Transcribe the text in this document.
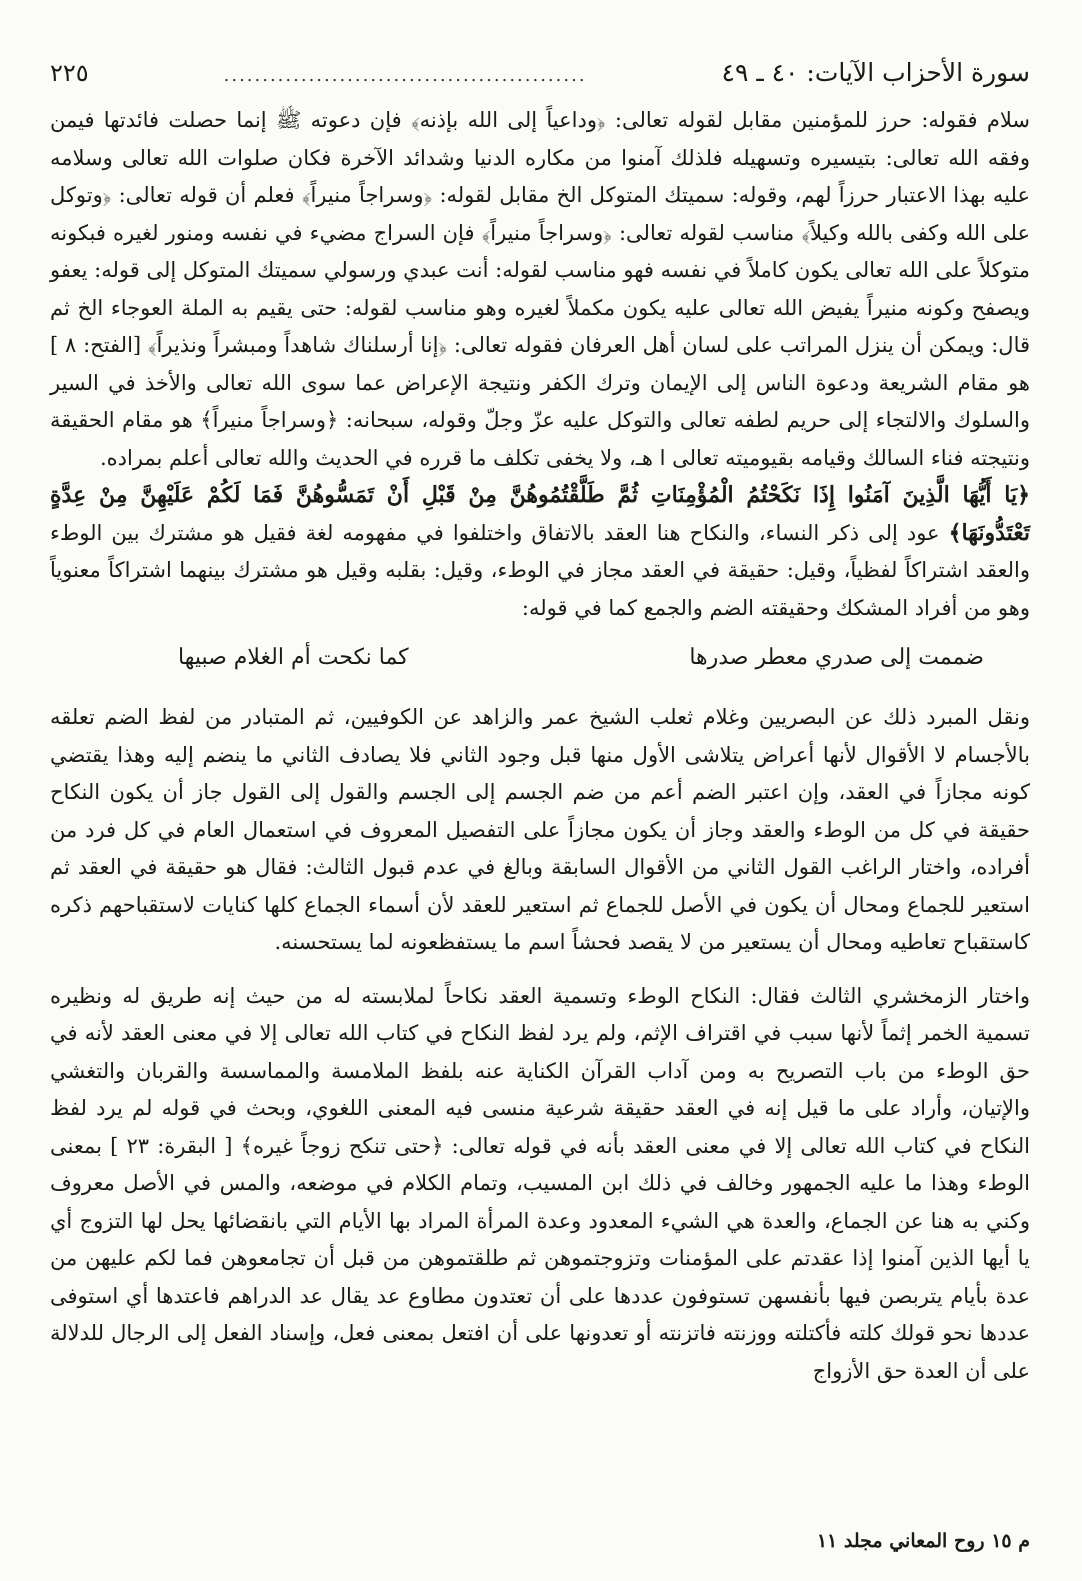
سورة الأحزاب الآيات: ٤٠ ـ ٤٩
...............................................
٢٢٥

سلام فقوله: حرز للمؤمنين مقابل لقوله تعالى: ﴿وداعياً إلى الله بإذنه﴾ فإن دعوته ﷺ إنما حصلت فائدتها فيمن وفقه الله تعالى: بتيسيره وتسهيله فلذلك آمنوا من مكاره الدنيا وشدائد الآخرة فكان صلوات الله تعالى وسلامه عليه بهذا الاعتبار حرزاً لهم، وقوله: سميتك المتوكل الخ مقابل لقوله: ﴿وسراجاً منيراً﴾ فعلم أن قوله تعالى: ﴿وتوكل على الله وكفى بالله وكيلاً﴾ مناسب لقوله تعالى: ﴿وسراجاً منيراً﴾ فإن السراج مضيء في نفسه ومنور لغيره فبكونه متوكلاً على الله تعالى يكون كاملاً في نفسه فهو مناسب لقوله: أنت عبدي ورسولي سميتك المتوكل إلى قوله: يعفو ويصفح وكونه منيراً يفيض الله تعالى عليه يكون مكملاً لغيره وهو مناسب لقوله: حتى يقيم به الملة العوجاء الخ ثم قال: ويمكن أن ينزل المراتب على لسان أهل العرفان فقوله تعالى: ﴿إنا أرسلناك شاهداً ومبشراً ونذيراً﴾ [الفتح: ٨ ] هو مقام الشريعة ودعوة الناس إلى الإيمان وترك الكفر ونتيجة الإعراض عما سوى الله تعالى والأخذ في السير والسلوك والالتجاء إلى حريم لطفه تعالى والتوكل عليه عزّ وجلّ وقوله، سبحانه: ﴿وسراجاً منيراً﴾ هو مقام الحقيقة ونتيجته فناء السالك وقيامه بقيوميته تعالى ا هـ، ولا يخفى تكلف ما قرره في الحديث والله تعالى أعلم بمراده.

﴿يَا أَيُّهَا الَّذِينَ آمَنُوا إِذَا نَكَحْتُمُ الْمُؤْمِنَاتِ ثُمَّ طَلَّقْتُمُوهُنَّ مِنْ قَبْلِ أَنْ تَمَسُّوهُنَّ فَمَا لَكُمْ عَلَيْهِنَّ مِنْ عِدَّةٍ تَعْتَدُّونَهَا﴾ عود إلى ذكر النساء، والنكاح هنا العقد بالاتفاق واختلفوا في مفهومه لغة فقيل هو مشترك بين الوطء والعقد اشتراكاً لفظياً، وقيل: حقيقة في العقد مجاز في الوطء، وقيل: بقلبه وقيل هو مشترك بينهما اشتراكاً معنوياً وهو من أفراد المشكك وحقيقته الضم والجمع كما في قوله:

ضممت إلى صدري معطر صدرها
كما نكحت أم الغلام صبيها

ونقل المبرد ذلك عن البصريين وغلام ثعلب الشيخ عمر والزاهد عن الكوفيين، ثم المتبادر من لفظ الضم تعلقه بالأجسام لا الأقوال لأنها أعراض يتلاشى الأول منها قبل وجود الثاني فلا يصادف الثاني ما ينضم إليه وهذا يقتضي كونه مجازاً في العقد، وإن اعتبر الضم أعم من ضم الجسم إلى الجسم والقول إلى القول جاز أن يكون النكاح حقيقة في كل من الوطء والعقد وجاز أن يكون مجازاً على التفصيل المعروف في استعمال العام في كل فرد من أفراده، واختار الراغب القول الثاني من الأقوال السابقة وبالغ في عدم قبول الثالث: فقال هو حقيقة في العقد ثم استعير للجماع ومحال أن يكون في الأصل للجماع ثم استعير للعقد لأن أسماء الجماع كلها كنايات لاستقباحهم ذكره كاستقباح تعاطيه ومحال أن يستعير من لا يقصد فحشاً اسم ما يستفظعونه لما يستحسنه.

واختار الزمخشري الثالث فقال: النكاح الوطء وتسمية العقد نكاحاً لملابسته له من حيث إنه طريق له ونظيره تسمية الخمر إثماً لأنها سبب في اقتراف الإثم، ولم يرد لفظ النكاح في كتاب الله تعالى إلا في معنى العقد لأنه في حق الوطء من باب التصريح به ومن آداب القرآن الكناية عنه بلفظ الملامسة والمماسسة والقربان والتغشي والإتيان، وأراد على ما قيل إنه في العقد حقيقة شرعية منسى فيه المعنى اللغوي، وبحث في قوله لم يرد لفظ النكاح في كتاب الله تعالى إلا في معنى العقد بأنه في قوله تعالى: ﴿حتى تنكح زوجاً غيره﴾ [ البقرة: ٢٣ ] بمعنى الوطء وهذا ما عليه الجمهور وخالف في ذلك ابن المسيب، وتمام الكلام في موضعه، والمس في الأصل معروف وكني به هنا عن الجماع، والعدة هي الشيء المعدود وعدة المرأة المراد بها الأيام التي بانقضائها يحل لها التزوج أي يا أيها الذين آمنوا إذا عقدتم على المؤمنات وتزوجتموهن ثم طلقتموهن من قبل أن تجامعوهن فما لكم عليهن من عدة بأيام يتربصن فيها بأنفسهن تستوفون عددها على أن تعتدون مطاوع عد يقال عد الدراهم فاعتدها أي استوفى عددها نحو قولك كلته فأكتلته ووزنته فاتزنته أو تعدونها على أن افتعل بمعنى فعل، وإسناد الفعل إلى الرجال للدلالة على أن العدة حق الأزواج

م ١٥ روح المعاني مجلد ١١
